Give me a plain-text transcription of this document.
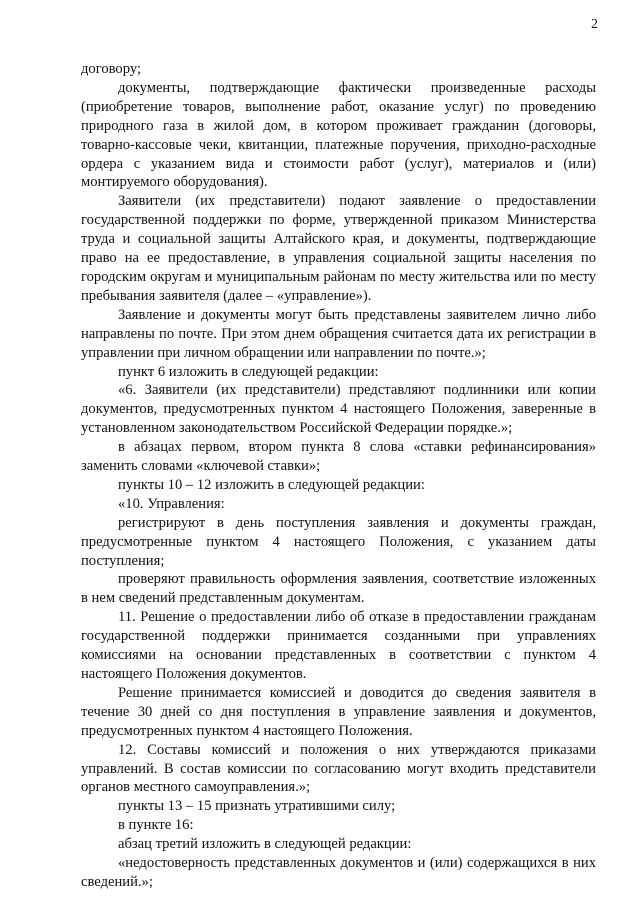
2

договору;

документы, подтверждающие фактически произведенные расходы (приобретение товаров, выполнение работ, оказание услуг) по проведению природного газа в жилой дом, в котором проживает гражданин (договоры, товарно-кассовые чеки, квитанции, платежные поручения, приходно-расходные ордера с указанием вида и стоимости работ (услуг), материалов и (или) монтируемого оборудования).

Заявители (их представители) подают заявление о предоставлении государственной поддержки по форме, утвержденной приказом Министерства труда и социальной защиты Алтайского края, и документы, подтверждающие право на ее предоставление, в управления социальной защиты населения по городским округам и муниципальным районам по месту жительства или по месту пребывания заявителя (далее – «управление»).

Заявление и документы могут быть представлены заявителем лично либо направлены по почте. При этом днем обращения считается дата их регистрации в управлении при личном обращении или направлении по почте.»;

пункт 6 изложить в следующей редакции:

«6. Заявители (их представители) представляют подлинники или копии документов, предусмотренных пунктом 4 настоящего Положения, заверенные в установленном законодательством Российской Федерации порядке.»;

в абзацах первом, втором пункта 8 слова «ставки рефинансирования» заменить словами «ключевой ставки»;

пункты 10 – 12 изложить в следующей редакции:

«10. Управления:

регистрируют в день поступления заявления и документы граждан, предусмотренные пунктом 4 настоящего Положения, с указанием даты поступления;

проверяют правильность оформления заявления, соответствие изложенных в нем сведений представленным документам.

11. Решение о предоставлении либо об отказе в предоставлении гражданам государственной поддержки принимается созданными при управлениях комиссиями на основании представленных в соответствии с пунктом 4 настоящего Положения документов.

Решение принимается комиссией и доводится до сведения заявителя в течение 30 дней со дня поступления в управление заявления и документов, предусмотренных пунктом 4 настоящего Положения.

12. Составы комиссий и положения о них утверждаются приказами управлений. В состав комиссии по согласованию могут входить представители органов местного самоуправления.»;

пункты 13 – 15 признать утратившими силу;

в пункте 16:

абзац третий изложить в следующей редакции:

«недостоверность представленных документов и (или) содержащихся в них сведений.»;
